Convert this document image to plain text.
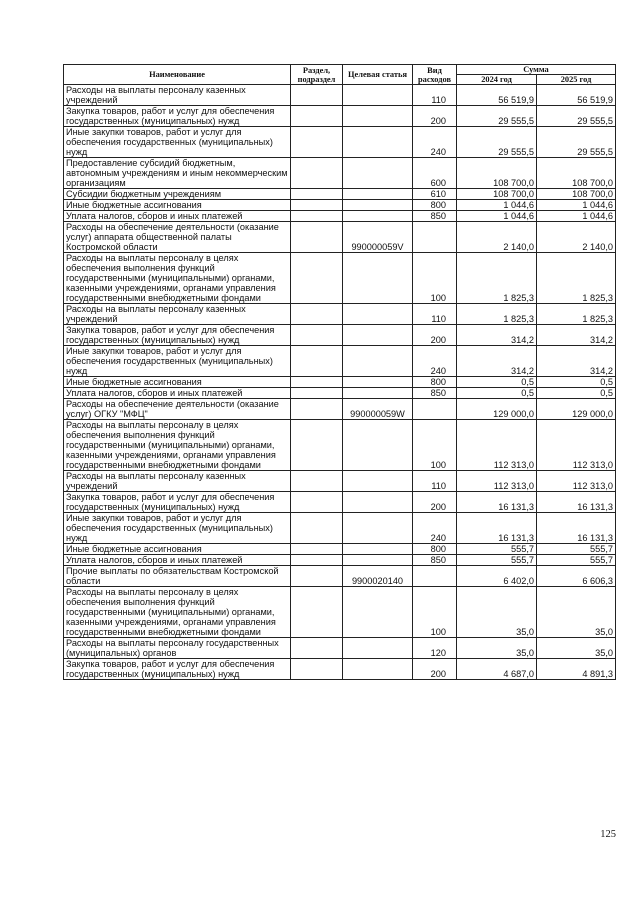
Наименование	Раздел, подраздел	Целевая статья	Вид расходов	Сумма	
				2024 год	2025 год
Расходы на выплаты персоналу казенных учреждений			110	56 519,9	56 519,9
Закупка товаров, работ и услуг для обеспечения государственных (муниципальных) нужд			200	29 555,5	29 555,5
Иные закупки товаров, работ и услуг для обеспечения государственных (муниципальных) нужд			240	29 555,5	29 555,5
Предоставление субсидий бюджетным, автономным учреждениям и иным некоммерческим организациям			600	108 700,0	108 700,0
Субсидии бюджетным учреждениям			610	108 700,0	108 700,0
Иные бюджетные ассигнования			800	1 044,6	1 044,6
Уплата налогов, сборов и иных платежей			850	1 044,6	1 044,6
Расходы на обеспечение деятельности (оказание услуг) аппарата общественной палаты Костромской области		990000059V		2 140,0	2 140,0
Расходы на выплаты персоналу в целях обеспечения выполнения функций государственными (муниципальными) органами, казенными учреждениями, органами управления государственными внебюджетными фондами			100	1 825,3	1 825,3
Расходы на выплаты персоналу казенных учреждений			110	1 825,3	1 825,3
Закупка товаров, работ и услуг для обеспечения государственных (муниципальных) нужд			200	314,2	314,2
Иные закупки товаров, работ и услуг для обеспечения государственных (муниципальных) нужд			240	314,2	314,2
Иные бюджетные ассигнования			800	0,5	0,5
Уплата налогов, сборов и иных платежей			850	0,5	0,5
Расходы на обеспечение деятельности (оказание услуг) ОГКУ "МФЦ"		990000059W		129 000,0	129 000,0
Расходы на выплаты персоналу в целях обеспечения выполнения функций государственными (муниципальными) органами, казенными учреждениями, органами управления государственными внебюджетными фондами			100	112 313,0	112 313,0
Расходы на выплаты персоналу казенных учреждений			110	112 313,0	112 313,0
Закупка товаров, работ и услуг для обеспечения государственных (муниципальных) нужд			200	16 131,3	16 131,3
Иные закупки товаров, работ и услуг для обеспечения государственных (муниципальных) нужд			240	16 131,3	16 131,3
Иные бюджетные ассигнования			800	555,7	555,7
Уплата налогов, сборов и иных платежей			850	555,7	555,7
Прочие выплаты по обязательствам Костромской области		9900020140		6 402,0	6 606,3
Расходы на выплаты персоналу в целях обеспечения выполнения функций государственными (муниципальными) органами, казенными учреждениями, органами управления государственными внебюджетными фондами			100	35,0	35,0
Расходы на выплаты персоналу государственных (муниципальных) органов			120	35,0	35,0
Закупка товаров, работ и услуг для обеспечения государственных (муниципальных) нужд			200	4 687,0	4 891,3
125
